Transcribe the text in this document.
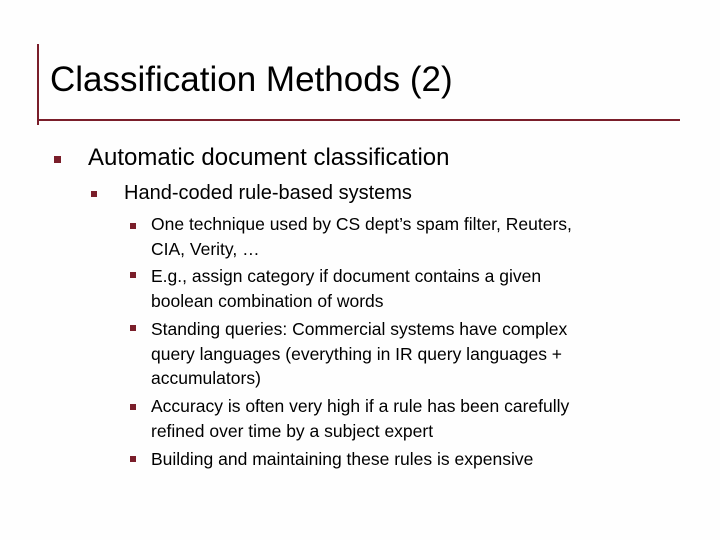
Classification Methods (2)
Automatic document classification
Hand-coded rule-based systems
One technique used by CS dept’s spam filter, Reuters,
CIA, Verity, …
E.g., assign category if document contains a given
boolean combination of words
Standing queries: Commercial systems have complex
query languages (everything in IR query languages +
accumulators)
Accuracy is often very high if a rule has been carefully
refined over time by a subject expert
Building and maintaining these rules is expensive
